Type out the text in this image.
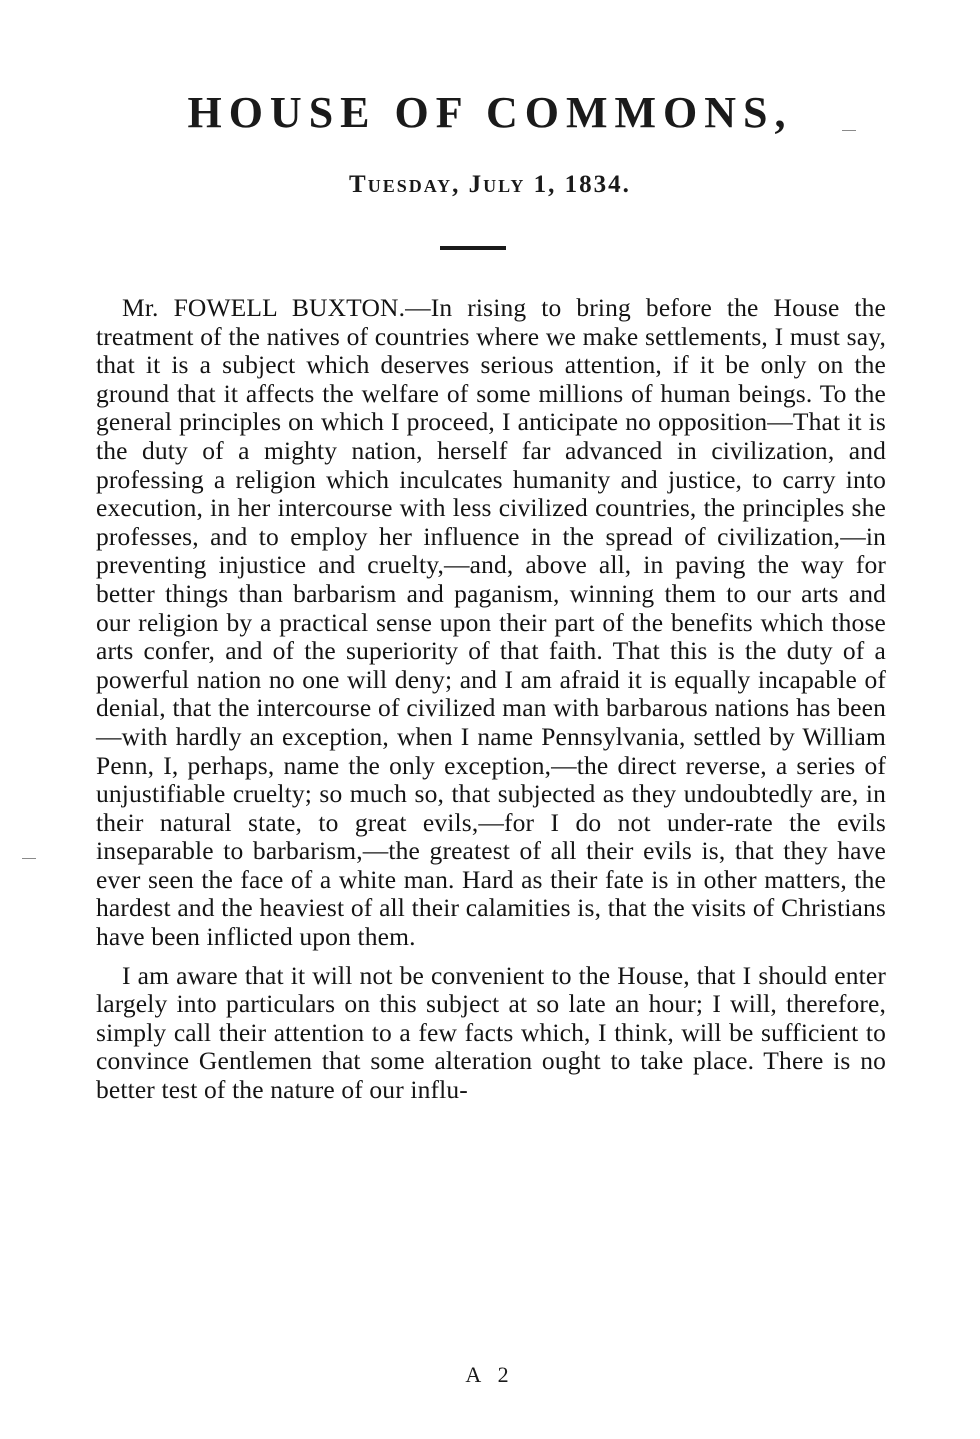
HOUSE OF COMMONS,
Tuesday, July 1, 1834.

Mr. FOWELL BUXTON.—In rising to bring before the House the treatment of the natives of countries where we make settlements, I must say, that it is a subject which deserves serious attention, if it be only on the ground that it affects the welfare of some millions of human beings. To the general principles on which I proceed, I anticipate no opposition—That it is the duty of a mighty nation, herself far advanced in civilization, and professing a religion which inculcates humanity and justice, to carry into execution, in her intercourse with less civilized countries, the principles she professes, and to employ her influence in the spread of civilization,—in preventing injustice and cruelty,—and, above all, in paving the way for better things than barbarism and paganism, winning them to our arts and our religion by a practical sense upon their part of the benefits which those arts confer, and of the superiority of that faith. That this is the duty of a powerful nation no one will deny; and I am afraid it is equally incapable of denial, that the intercourse of civilized man with barbarous nations has been—with hardly an exception, when I name Pennsylvania, settled by William Penn, I, perhaps, name the only exception,—the direct reverse, a series of unjustifiable cruelty; so much so, that subjected as they undoubtedly are, in their natural state, to great evils,—for I do not under-rate the evils inseparable to barbarism,—the greatest of all their evils is, that they have ever seen the face of a white man. Hard as their fate is in other matters, the hardest and the heaviest of all their calamities is, that the visits of Christians have been inflicted upon them.

I am aware that it will not be convenient to the House, that I should enter largely into particulars on this subject at so late an hour; I will, therefore, simply call their attention to a few facts which, I think, will be sufficient to convince Gentlemen that some alteration ought to take place. There is no better test of the nature of our influ-

A 2
